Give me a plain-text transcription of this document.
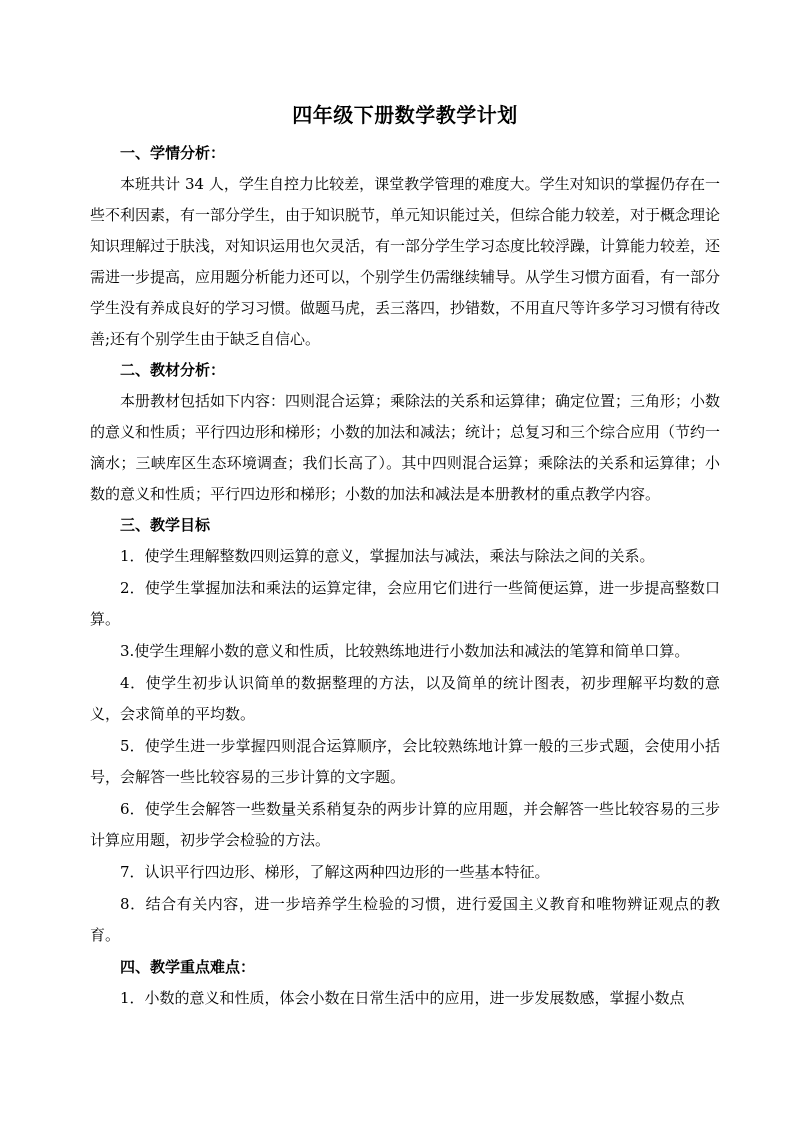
四年级下册数学教学计划

一、学情分析：

本班共计 34 人，学生自控力比较差，课堂教学管理的难度大。学生对知识的掌握仍存在一些不利因素，有一部分学生，由于知识脱节，单元知识能过关，但综合能力较差，对于概念理论知识理解过于肤浅，对知识运用也欠灵活，有一部分学生学习态度比较浮躁，计算能力较差，还需进一步提高，应用题分析能力还可以，个别学生仍需继续辅导。从学生习惯方面看，有一部分学生没有养成良好的学习习惯。做题马虎，丢三落四，抄错数，不用直尺等许多学习习惯有待改善;还有个别学生由于缺乏自信心。

二、教材分析：

本册教材包括如下内容：四则混合运算；乘除法的关系和运算律；确定位置；三角形；小数的意义和性质；平行四边形和梯形；小数的加法和减法；统计；总复习和三个综合应用（节约一滴水；三峡库区生态环境调查；我们长高了）。其中四则混合运算；乘除法的关系和运算律；小数的意义和性质；平行四边形和梯形；小数的加法和减法是本册教材的重点教学内容。

三、教学目标

1．使学生理解整数四则运算的意义，掌握加法与减法，乘法与除法之间的关系。

2．使学生掌握加法和乘法的运算定律，会应用它们进行一些简便运算，进一步提高整数口算。

3.使学生理解小数的意义和性质，比较熟练地进行小数加法和减法的笔算和简单口算。

4．使学生初步认识简单的数据整理的方法，以及简单的统计图表，初步理解平均数的意义，会求简单的平均数。

5．使学生进一步掌握四则混合运算顺序，会比较熟练地计算一般的三步式题，会使用小括号，会解答一些比较容易的三步计算的文字题。

6．使学生会解答一些数量关系稍复杂的两步计算的应用题，并会解答一些比较容易的三步计算应用题，初步学会检验的方法。

7．认识平行四边形、梯形，了解这两种四边形的一些基本特征。

8．结合有关内容，进一步培养学生检验的习惯，进行爱国主义教育和唯物辨证观点的教育。

四、教学重点难点：

1．小数的意义和性质，体会小数在日常生活中的应用，进一步发展数感，掌握小数点
